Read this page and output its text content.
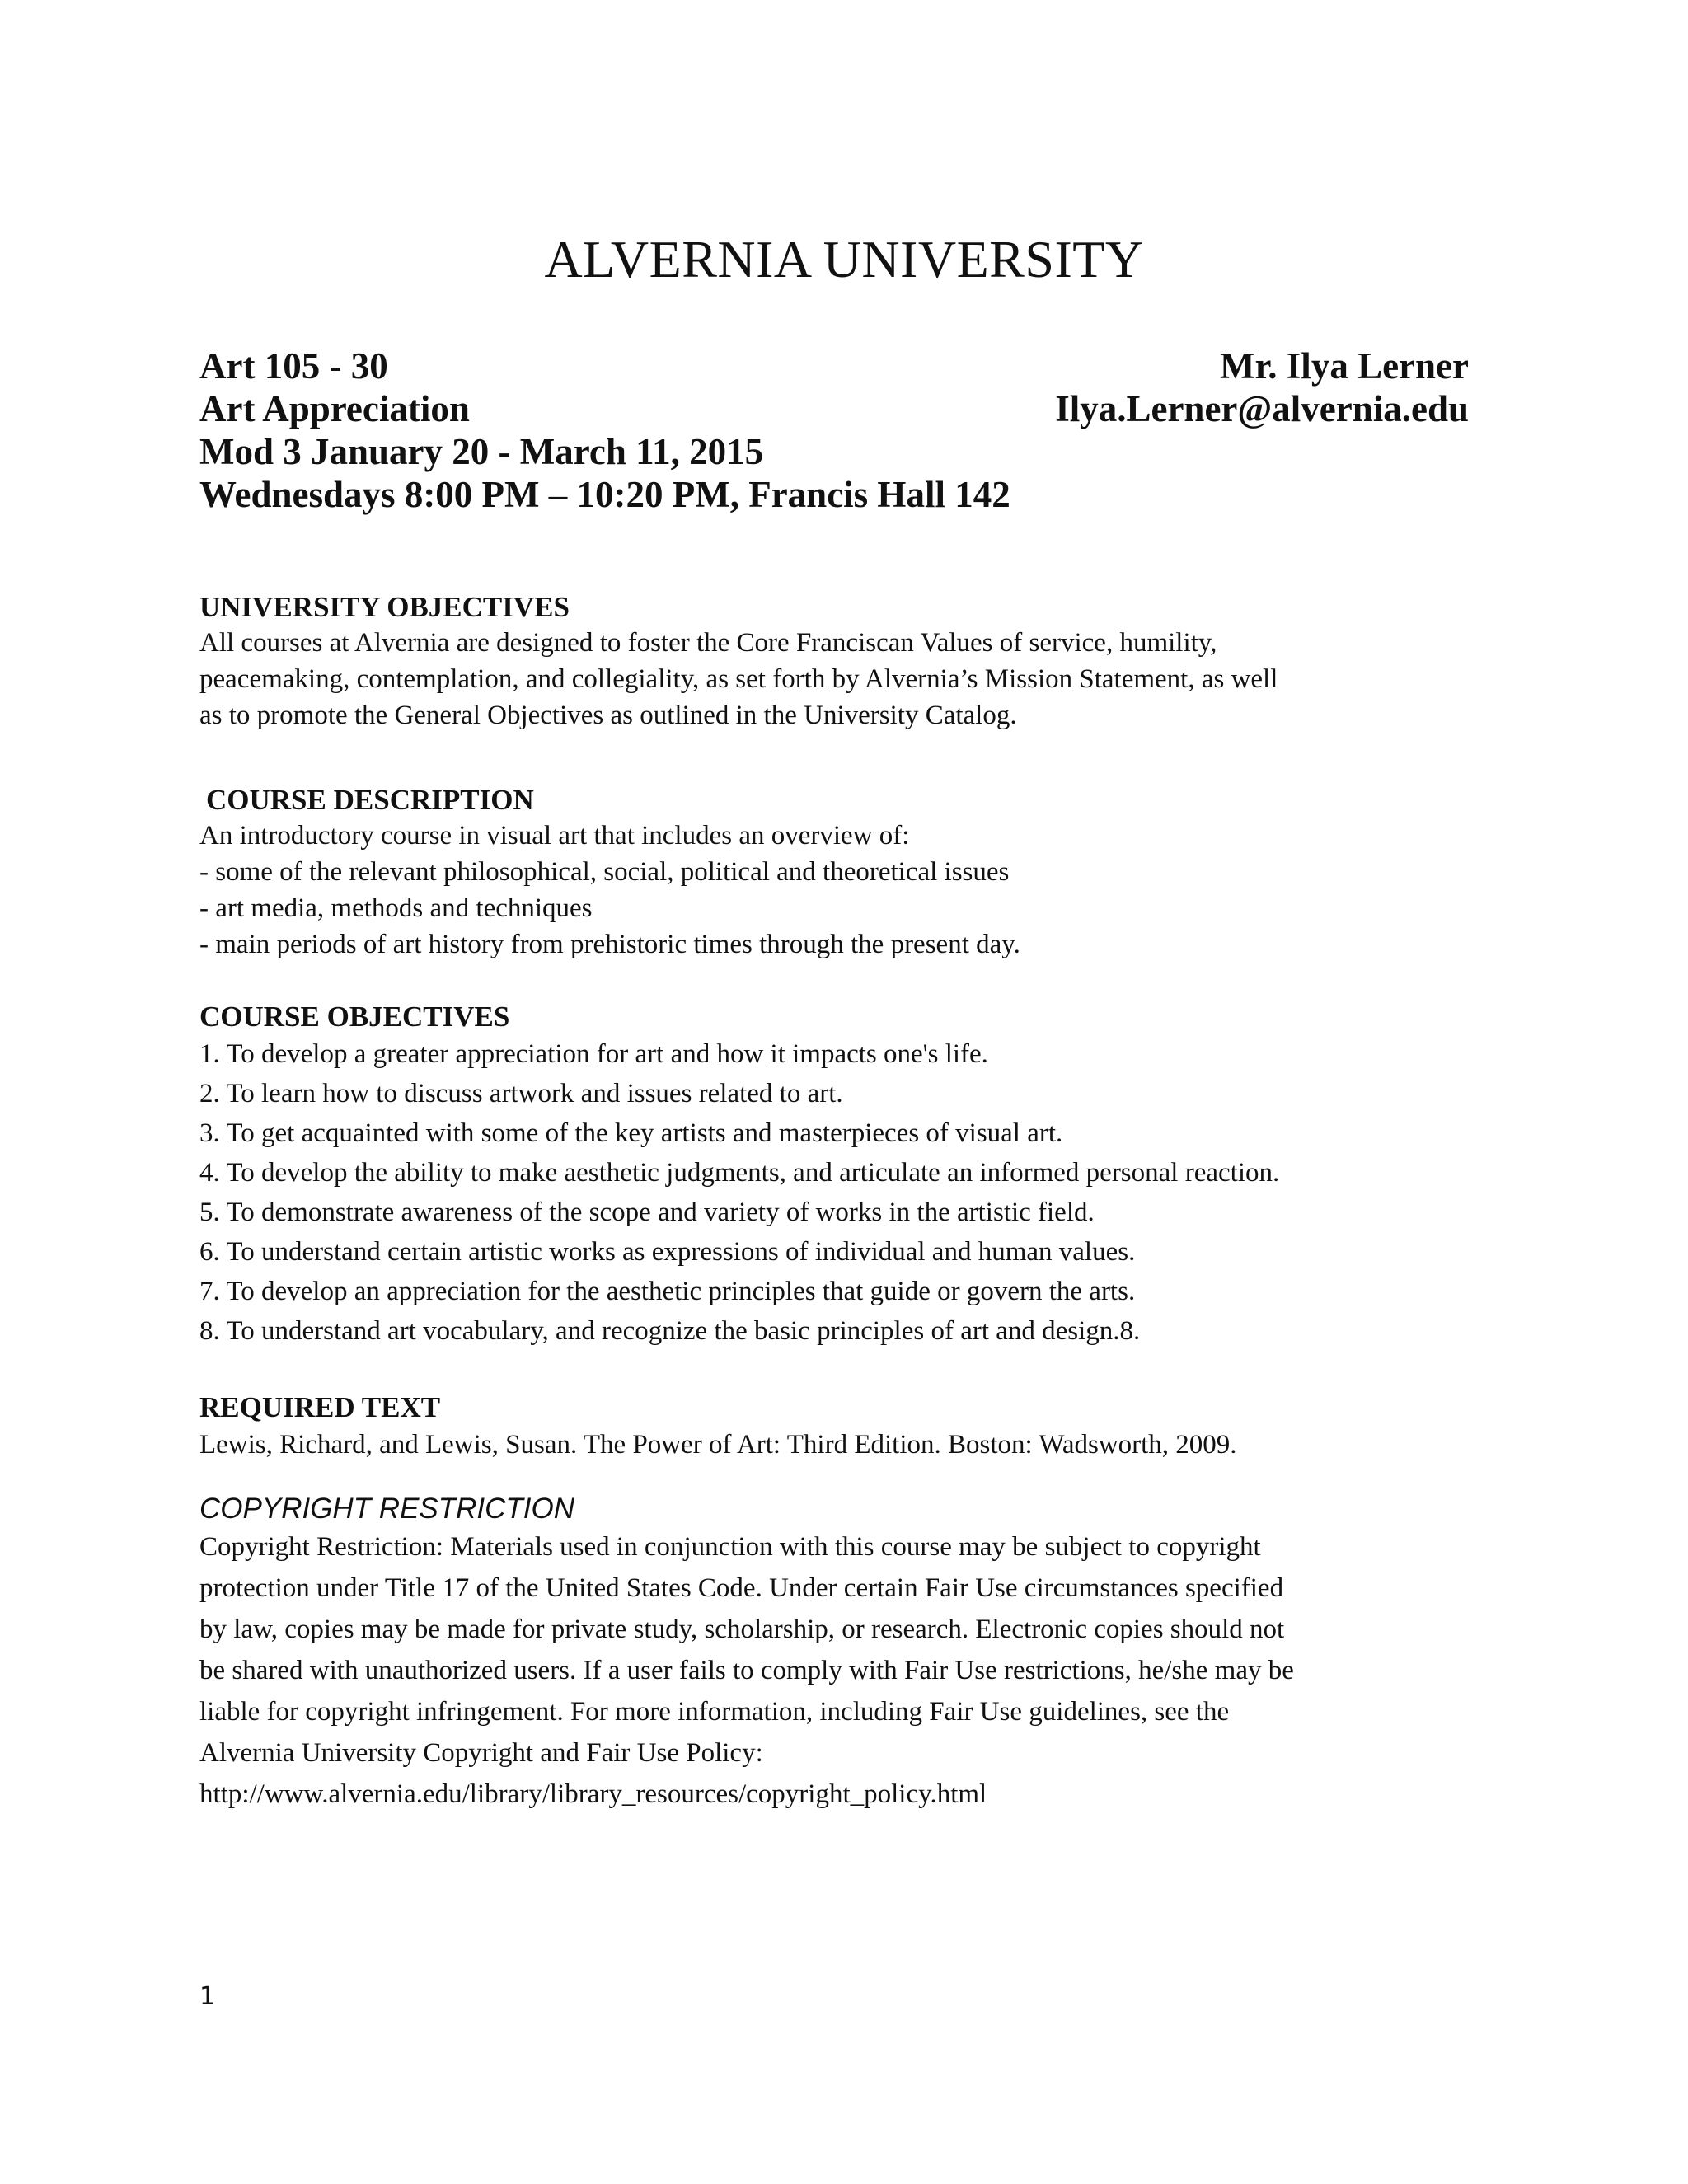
ALVERNIA UNIVERSITY
Art 105 - 30	Mr. Ilya Lerner
Art Appreciation	Ilya.Lerner@alvernia.edu
Mod 3 January 20 - March 11, 2015
Wednesdays 8:00 PM – 10:20 PM, Francis Hall 142
UNIVERSITY OBJECTIVES
All courses at Alvernia are designed to foster the Core Franciscan Values of service, humility,
peacemaking, contemplation, and collegiality, as set forth by Alvernia’s Mission Statement, as well
as to promote the General Objectives as outlined in the University Catalog.
COURSE DESCRIPTION
An introductory course in visual art that includes an overview of:
- some of the relevant philosophical, social, political and theoretical issues
- art media, methods and techniques
- main periods of art history from prehistoric times through the present day.
COURSE OBJECTIVES
1. To develop a greater appreciation for art and how it impacts one's life.
2. To learn how to discuss artwork and issues related to art.
3. To get acquainted with some of the key artists and masterpieces of visual art.
4. To develop the ability to make aesthetic judgments, and articulate an informed personal reaction.
5. To demonstrate awareness of the scope and variety of works in the artistic field.
6. To understand certain artistic works as expressions of individual and human values.
7. To develop an appreciation for the aesthetic principles that guide or govern the arts.
8. To understand art vocabulary, and recognize the basic principles of art and design.8.
REQUIRED TEXT

Lewis, Richard, and Lewis, Susan. The Power of Art: Third Edition. Boston: Wadsworth, 2009.

COPYRIGHT RESTRICTION
Copyright Restriction: Materials used in conjunction with this course may be subject to copyright
protection under Title 17 of the United States Code. Under certain Fair Use circumstances specified
by law, copies may be made for private study, scholarship, or research. Electronic copies should not
be shared with unauthorized users. If a user fails to comply with Fair Use restrictions, he/she may be
liable for copyright infringement. For more information, including Fair Use guidelines, see the
Alvernia University Copyright and Fair Use Policy:
http://www.alvernia.edu/library/library_resources/copyright_policy.html
1
